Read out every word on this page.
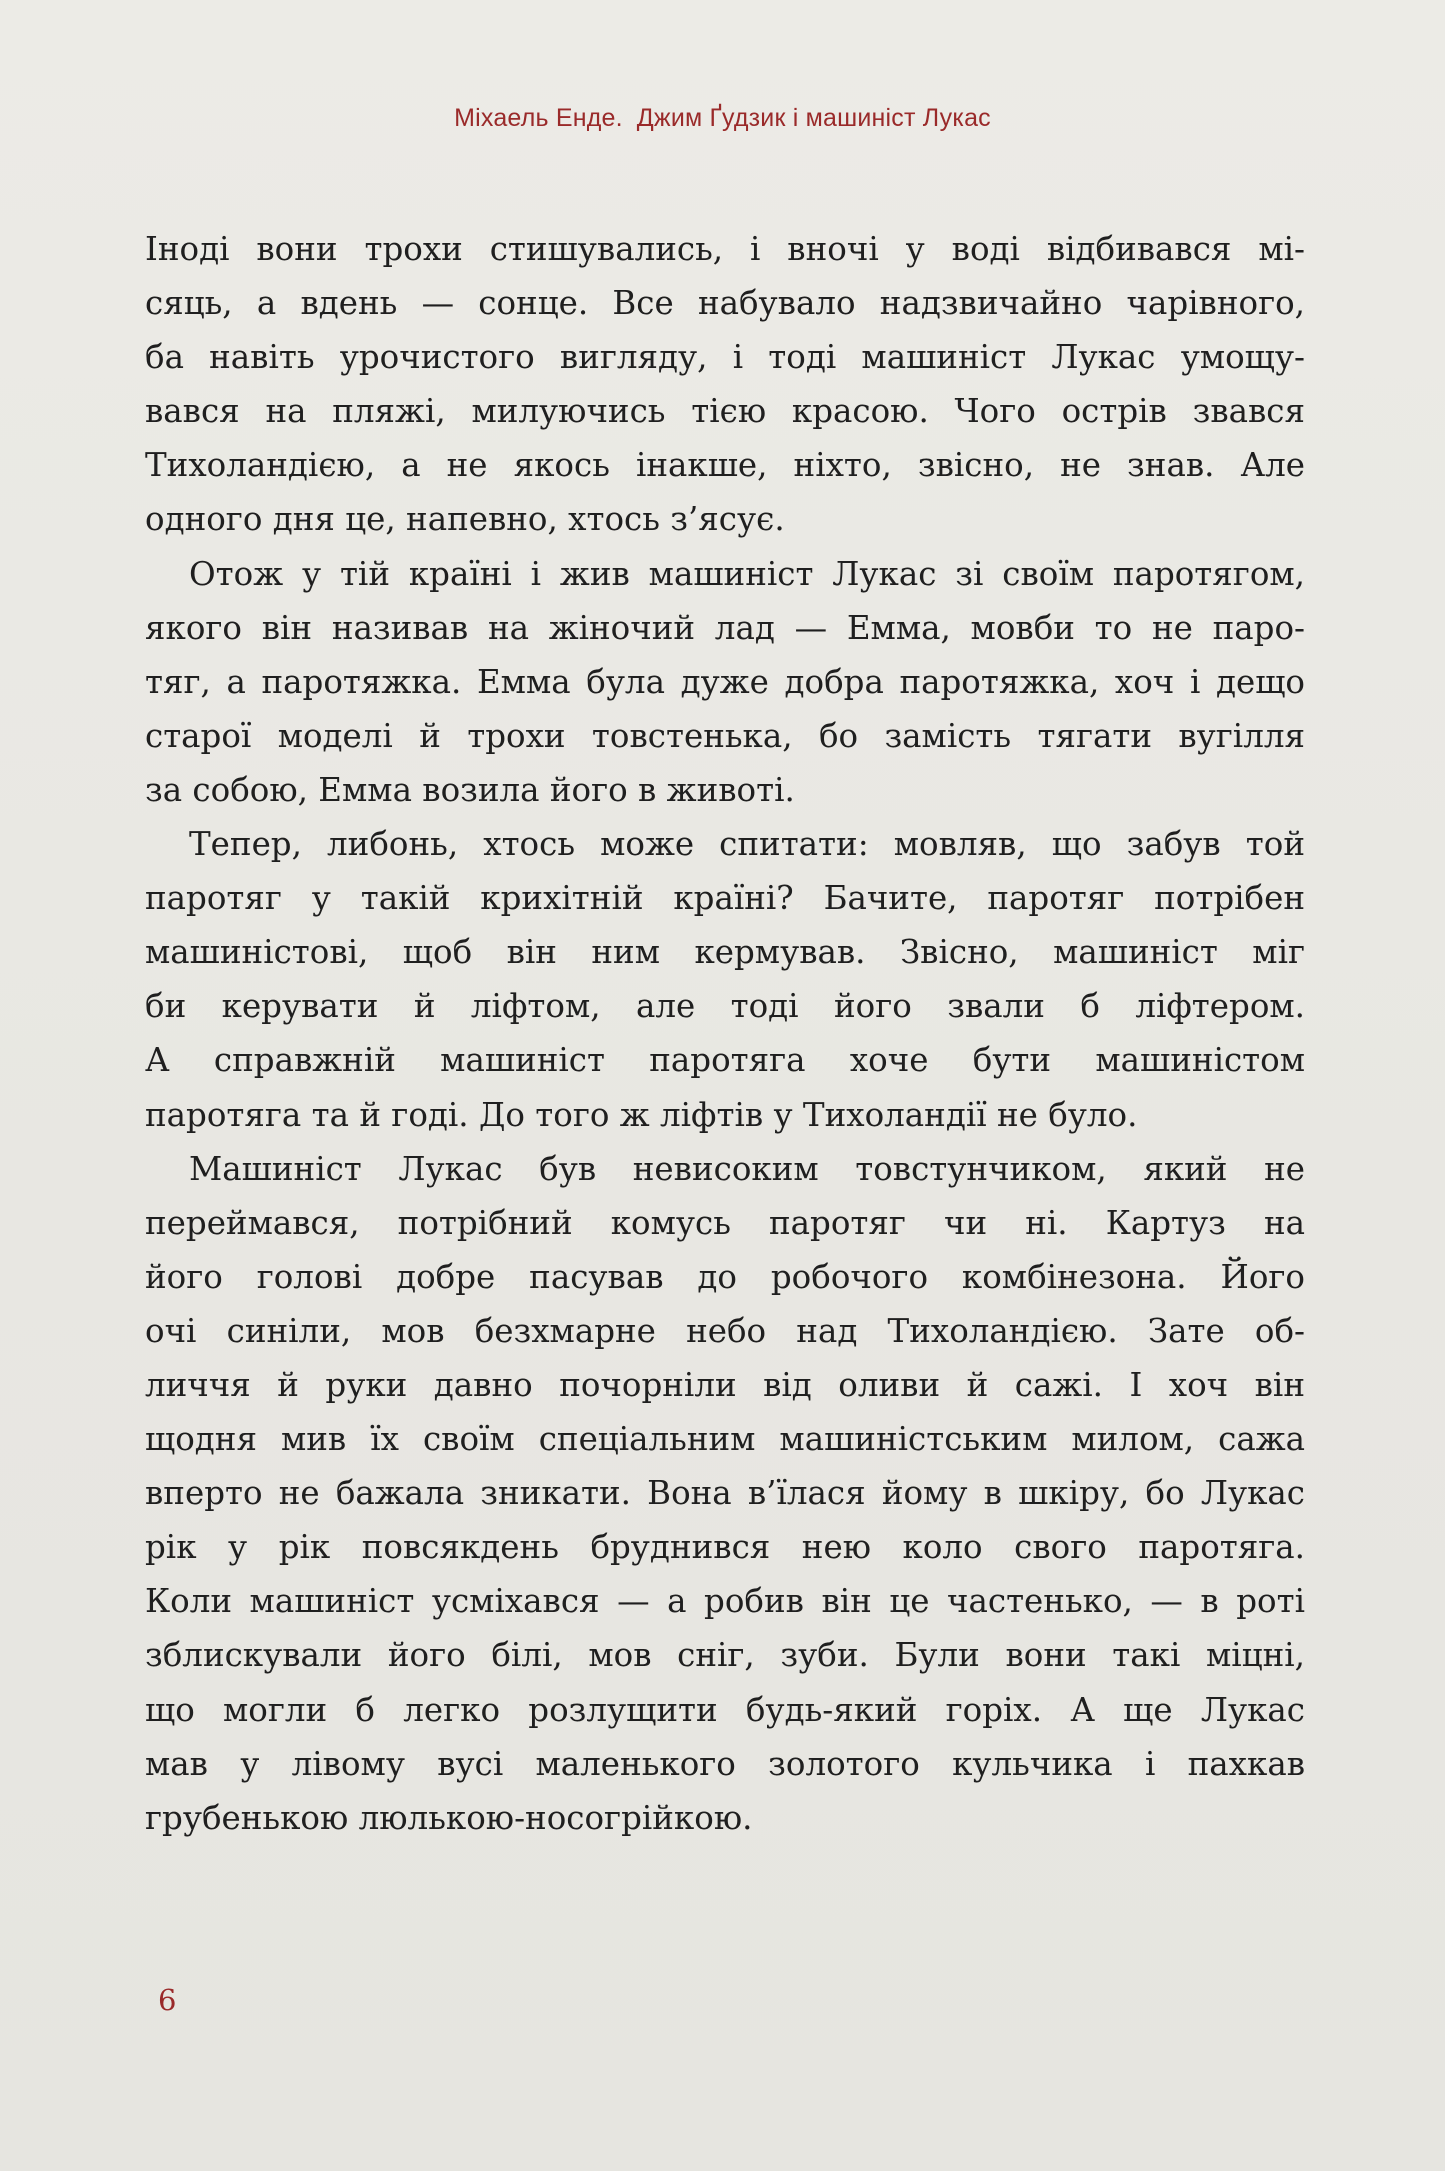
Міхаель Енде. Джим Ґудзик і машиніст Лукас
Іноді вони трохи стишувались, і вночі у воді відбивався мі-
сяць, а вдень — сонце. Все набувало надзвичайно чарівного,
ба навіть урочистого вигляду, і тоді машиніст Лукас умощу-
вався на пляжі, милуючись тією красою. Чого острів звався
Тихоландією, а не якось інакше, ніхто, звісно, не знав. Але
одного дня це, напевно, хтось з’ясує.
Отож у тій країні і жив машиніст Лукас зі своїм паротягом,
якого він називав на жіночий лад — Емма, мовби то не паро-
тяг, а паротяжка. Емма була дуже добра паротяжка, хоч і дещо
старої моделі й трохи товстенька, бо замість тягати вугілля
за собою, Емма возила його в животі.
Тепер, либонь, хтось може спитати: мовляв, що забув той
паротяг у такій крихітній країні? Бачите, паротяг потрібен
машиністові, щоб він ним кермував. Звісно, машиніст міг
би керувати й ліфтом, але тоді його звали б ліфтером.
А справжній машиніст паротяга хоче бути машиністом
паротяга та й годі. До того ж ліфтів у Тихоландії не було.
Машиніст Лукас був невисоким товстунчиком, який не
переймався, потрібний комусь паротяг чи ні. Картуз на
його голові добре пасував до робочого комбінезона. Його
очі синіли, мов безхмарне небо над Тихоландією. Зате об-
личчя й руки давно почорніли від оливи й сажі. І хоч він
щодня мив їх своїм спеціальним машиністським милом, сажа
вперто не бажала зникати. Вона в’їлася йому в шкіру, бо Лукас
рік у рік повсякдень бруднився нею коло свого паротяга.
Коли машиніст усміхався — а робив він це частенько, — в роті
зблискували його білі, мов сніг, зуби. Були вони такі міцні,
що могли б легко розлущити будь-який горіх. А ще Лукас
мав у лівому вусі маленького золотого кульчика і пахкав
грубенькою люлькою-носогрійкою.
6
